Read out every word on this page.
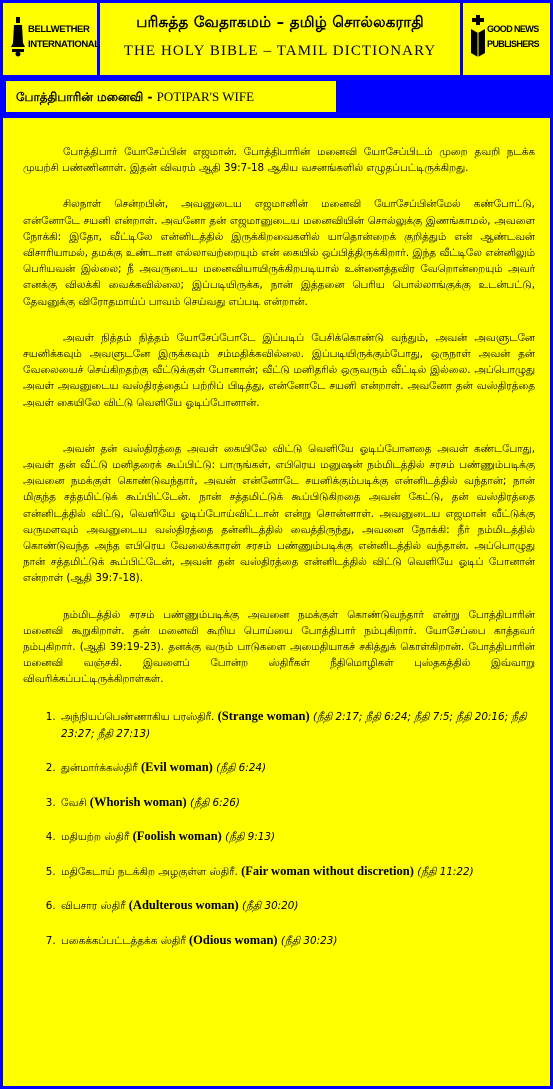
BELLWETHER
INTERNATIONAL
பரிசுத்த வேதாகமம் – தமிழ் சொல்லகராதி
THE HOLY BIBLE – TAMIL DICTIONARY
GOOD NEWS
PUBLISHERS
போத்திபாரின் மனைவி - POTIPAR'S WIFE

போத்திபார் யோசேப்பின் எஜமான். போத்திபாரின் மனைவி யோசேப்பிடம் முறை தவறி நடக்க முயற்சி பண்ணினாள். இதன் விவரம் ஆதி 39:7-18 ஆகிய வசனங்களில் எழுதப்பட்டிருக்கிறது.

சிலநாள் சென்றபின், அவனுடைய எஜமானின் மனைவி யோசேப்பின்மேல் கண்போட்டு, என்னோடே சயனி என்றாள். அவனோ தன் எஜமானுடைய மனைவியின் சொல்லுக்கு இணங்காமல், அவளை நோக்கி: இதோ, வீட்டிலே என்னிடத்தில் இருக்கிறவைகளில் யாதொன்றைக் குறித்தும் என் ஆண்டவன் விசாரியாமல், தமக்கு உண்டான எல்லாவற்றையும் என் கையில் ஒப்பித்திருக்கிறார். இந்த வீட்டிலே என்னிலும் பெரியவன் இல்லை; நீ அவருடைய மனைவியாயிருக்கிறபடியால் உன்னைத்தவிர வேறொன்றையும் அவர் எனக்கு விலக்கி வைக்கவில்லை; இப்படியிருக்க, நான் இத்தனை பெரிய பொல்லாங்குக்கு உடன்பட்டு, தேவனுக்கு விரோதமாய்ப் பாவம் செய்வது எப்படி என்றான்.

அவள் நித்தம் நித்தம் யோசேப்போடே இப்படிப் பேசிக்கொண்டு வந்தும், அவன் அவளுடனே சயனிக்கவும் அவளுடனே இருக்கவும் சம்மதிக்கவில்லை. இப்படியிருக்கும்போது, ஒருநாள் அவன் தன் வேலையைச் செய்கிறதற்கு வீட்டுக்குள் போனான்; வீட்டு மனிதரில் ஒருவரும் வீட்டில் இல்லை. அப்பொழுது அவள் அவனுடைய வஸ்திரத்தைப் பற்றிப் பிடித்து, என்னோடே சயனி என்றாள். அவனோ தன் வஸ்திரத்தை அவள் கையிலே விட்டு வெளியே ஓடிப்போனான்.

அவன் தன் வஸ்திரத்தை அவள் கையிலே விட்டு வெளியே ஓடிப்போனதை அவள் கண்டபோது, அவள் தன் வீட்டு மனிதரைக் கூப்பிட்டு: பாருங்கள், எபிரெய மனுஷன் நம்மிடத்தில் சரசம் பண்ணும்படிக்கு அவனை நமக்குள் கொண்டுவந்தார், அவன் என்னோடே சயனிக்கும்படிக்கு என்னிடத்தில் வந்தான்; நான் மிகுந்த சத்தமிட்டுக் கூப்பிட்டேன். நான் சத்தமிட்டுக் கூப்பிடுகிறதை அவன் கேட்டு, தன் வஸ்திரத்தை என்னிடத்தில் விட்டு, வெளியே ஓடிப்போய்விட்டான் என்று சொன்னாள். அவனுடைய எஜமான் வீட்டுக்கு வருமளவும் அவனுடைய வஸ்திரத்தை தன்னிடத்தில் வைத்திருந்து, அவனை நோக்கி: நீர் நம்மிடத்தில் கொண்டுவந்த அந்த எபிரெய வேலைக்காரன் சரசம் பண்ணும்படிக்கு என்னிடத்தில் வந்தான். அப்பொழுது நான் சத்தமிட்டுக் கூப்பிட்டேன், அவன் தன் வஸ்திரத்தை என்னிடத்தில் விட்டு வெளியே ஓடிப் போனான் என்றாள் (ஆதி 39:7-18).

நம்மிடத்தில் சரசம் பண்ணும்படிக்கு அவனை நமக்குள் கொண்டுவந்தார் என்று போத்திபாரின் மனைவி கூறுகிறாள். தன் மனைவி கூறிய பொய்யை போத்திபார் நம்புகிறார். யோசேப்பை காத்தவர் நம்புகிறார். (ஆதி 39:19-23). தனக்கு வரும் பாடுகளை அமைதியாகச் சகித்துக் கொள்கிறான். போத்திபாரின் மனைவி வஞ்சகி. இவளைப் போன்ற ஸ்திரீகள் நீதிமொழிகள் புஸ்தகத்தில் இவ்வாறு விவரிக்கப்பட்டிருக்கிறாள்கள்.

1. அந்நியப்பெண்ணாகிய பரஸ்திரீ. (Strange woman) (நீதி 2:17; நீதி 6:24; நீதி 7:5; நீதி 20:16; நீதி 23:27; நீதி 27:13)
2. துன்மார்க்கஸ்திரீ (Evil woman) (நீதி 6:24)
3. வேசி (Whorish woman) (நீதி 6:26)
4. மதியற்ற ஸ்திரீ (Foolish woman) (நீதி 9:13)
5. மதிகேடாய் நடக்கிற அழகுள்ள ஸ்திரீ. (Fair woman without discretion) (நீதி 11:22)
6. விபசார ஸ்திரீ (Adulterous woman) (நீதி 30:20)
7. பகைக்கப்பட்டத்தக்க ஸ்திரீ (Odious woman) (நீதி 30:23)
